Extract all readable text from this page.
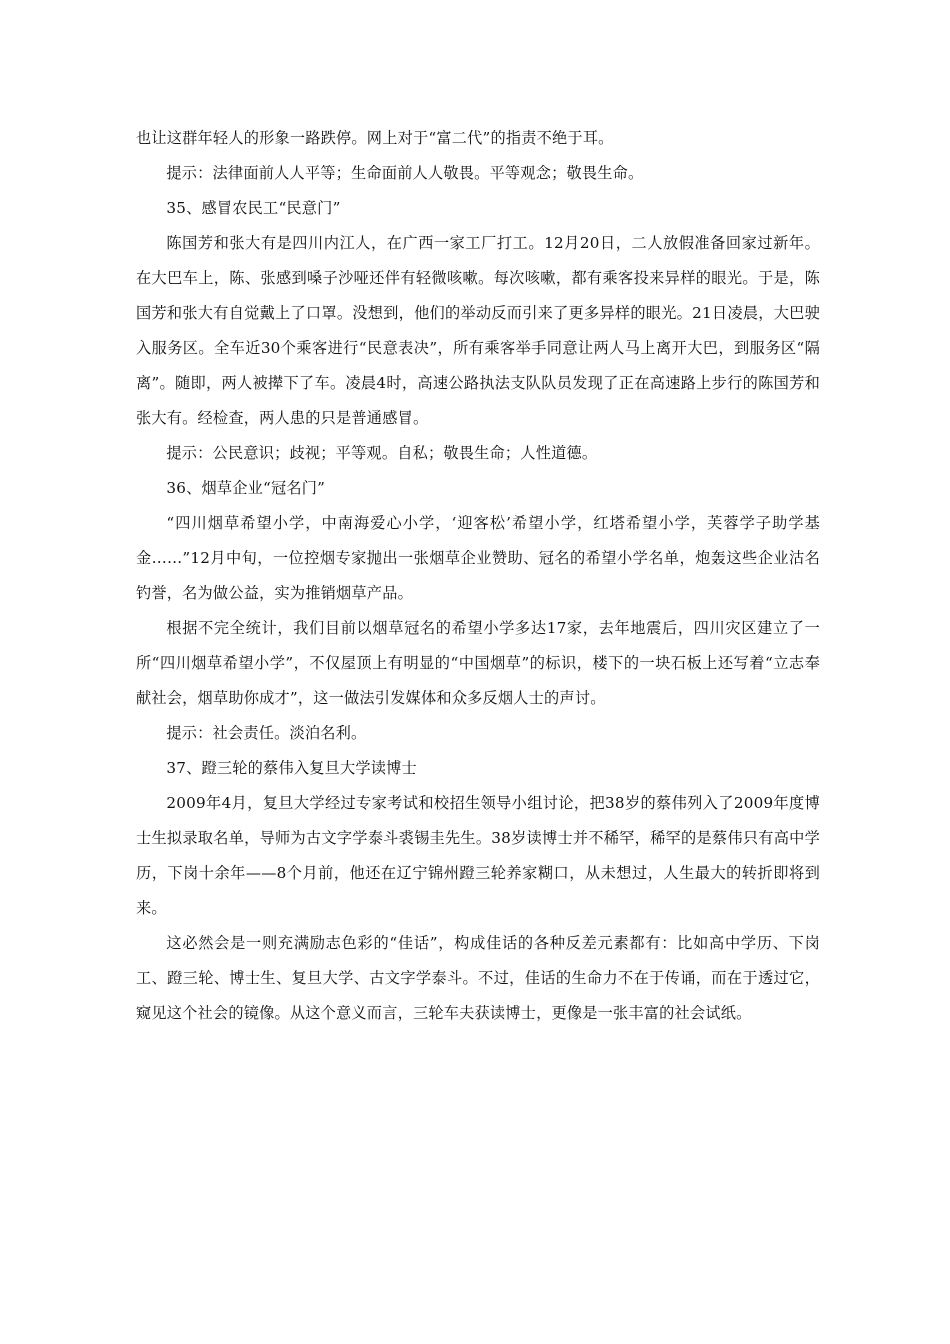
也让这群年轻人的形象一路跌停。网上对于“富二代”的指责不绝于耳。

提示：法律面前人人平等；生命面前人人敬畏。平等观念；敬畏生命。

35、感冒农民工“民意门”

陈国芳和张大有是四川内江人，在广西一家工厂打工。12月20日，二人放假准备回家过新年。在大巴车上，陈、张感到嗓子沙哑还伴有轻微咳嗽。每次咳嗽，都有乘客投来异样的眼光。于是，陈国芳和张大有自觉戴上了口罩。没想到，他们的举动反而引来了更多异样的眼光。21日凌晨，大巴驶入服务区。全车近30个乘客进行“民意表决”，所有乘客举手同意让两人马上离开大巴，到服务区“隔离”。随即，两人被撵下了车。凌晨4时，高速公路执法支队队员发现了正在高速路上步行的陈国芳和张大有。经检查，两人患的只是普通感冒。

提示：公民意识；歧视；平等观。自私；敬畏生命；人性道德。

36、烟草企业“冠名门”

“四川烟草希望小学，中南海爱心小学，‘迎客松’希望小学，红塔希望小学，芙蓉学子助学基金……”12月中旬，一位控烟专家抛出一张烟草企业赞助、冠名的希望小学名单，炮轰这些企业沽名钓誉，名为做公益，实为推销烟草产品。

根据不完全统计，我们目前以烟草冠名的希望小学多达17家，去年地震后，四川灾区建立了一所“四川烟草希望小学”，不仅屋顶上有明显的“中国烟草”的标识，楼下的一块石板上还写着“立志奉献社会，烟草助你成才”，这一做法引发媒体和众多反烟人士的声讨。

提示：社会责任。淡泊名利。

37、蹬三轮的蔡伟入复旦大学读博士

2009年4月，复旦大学经过专家考试和校招生领导小组讨论，把38岁的蔡伟列入了2009年度博士生拟录取名单，导师为古文字学泰斗裘锡圭先生。38岁读博士并不稀罕，稀罕的是蔡伟只有高中学历，下岗十余年——8个月前，他还在辽宁锦州蹬三轮养家糊口，从未想过，人生最大的转折即将到来。

这必然会是一则充满励志色彩的“佳话”，构成佳话的各种反差元素都有：比如高中学历、下岗工、蹬三轮、博士生、复旦大学、古文字学泰斗。不过，佳话的生命力不在于传诵，而在于透过它，窥见这个社会的镜像。从这个意义而言，三轮车夫获读博士，更像是一张丰富的社会试纸。
